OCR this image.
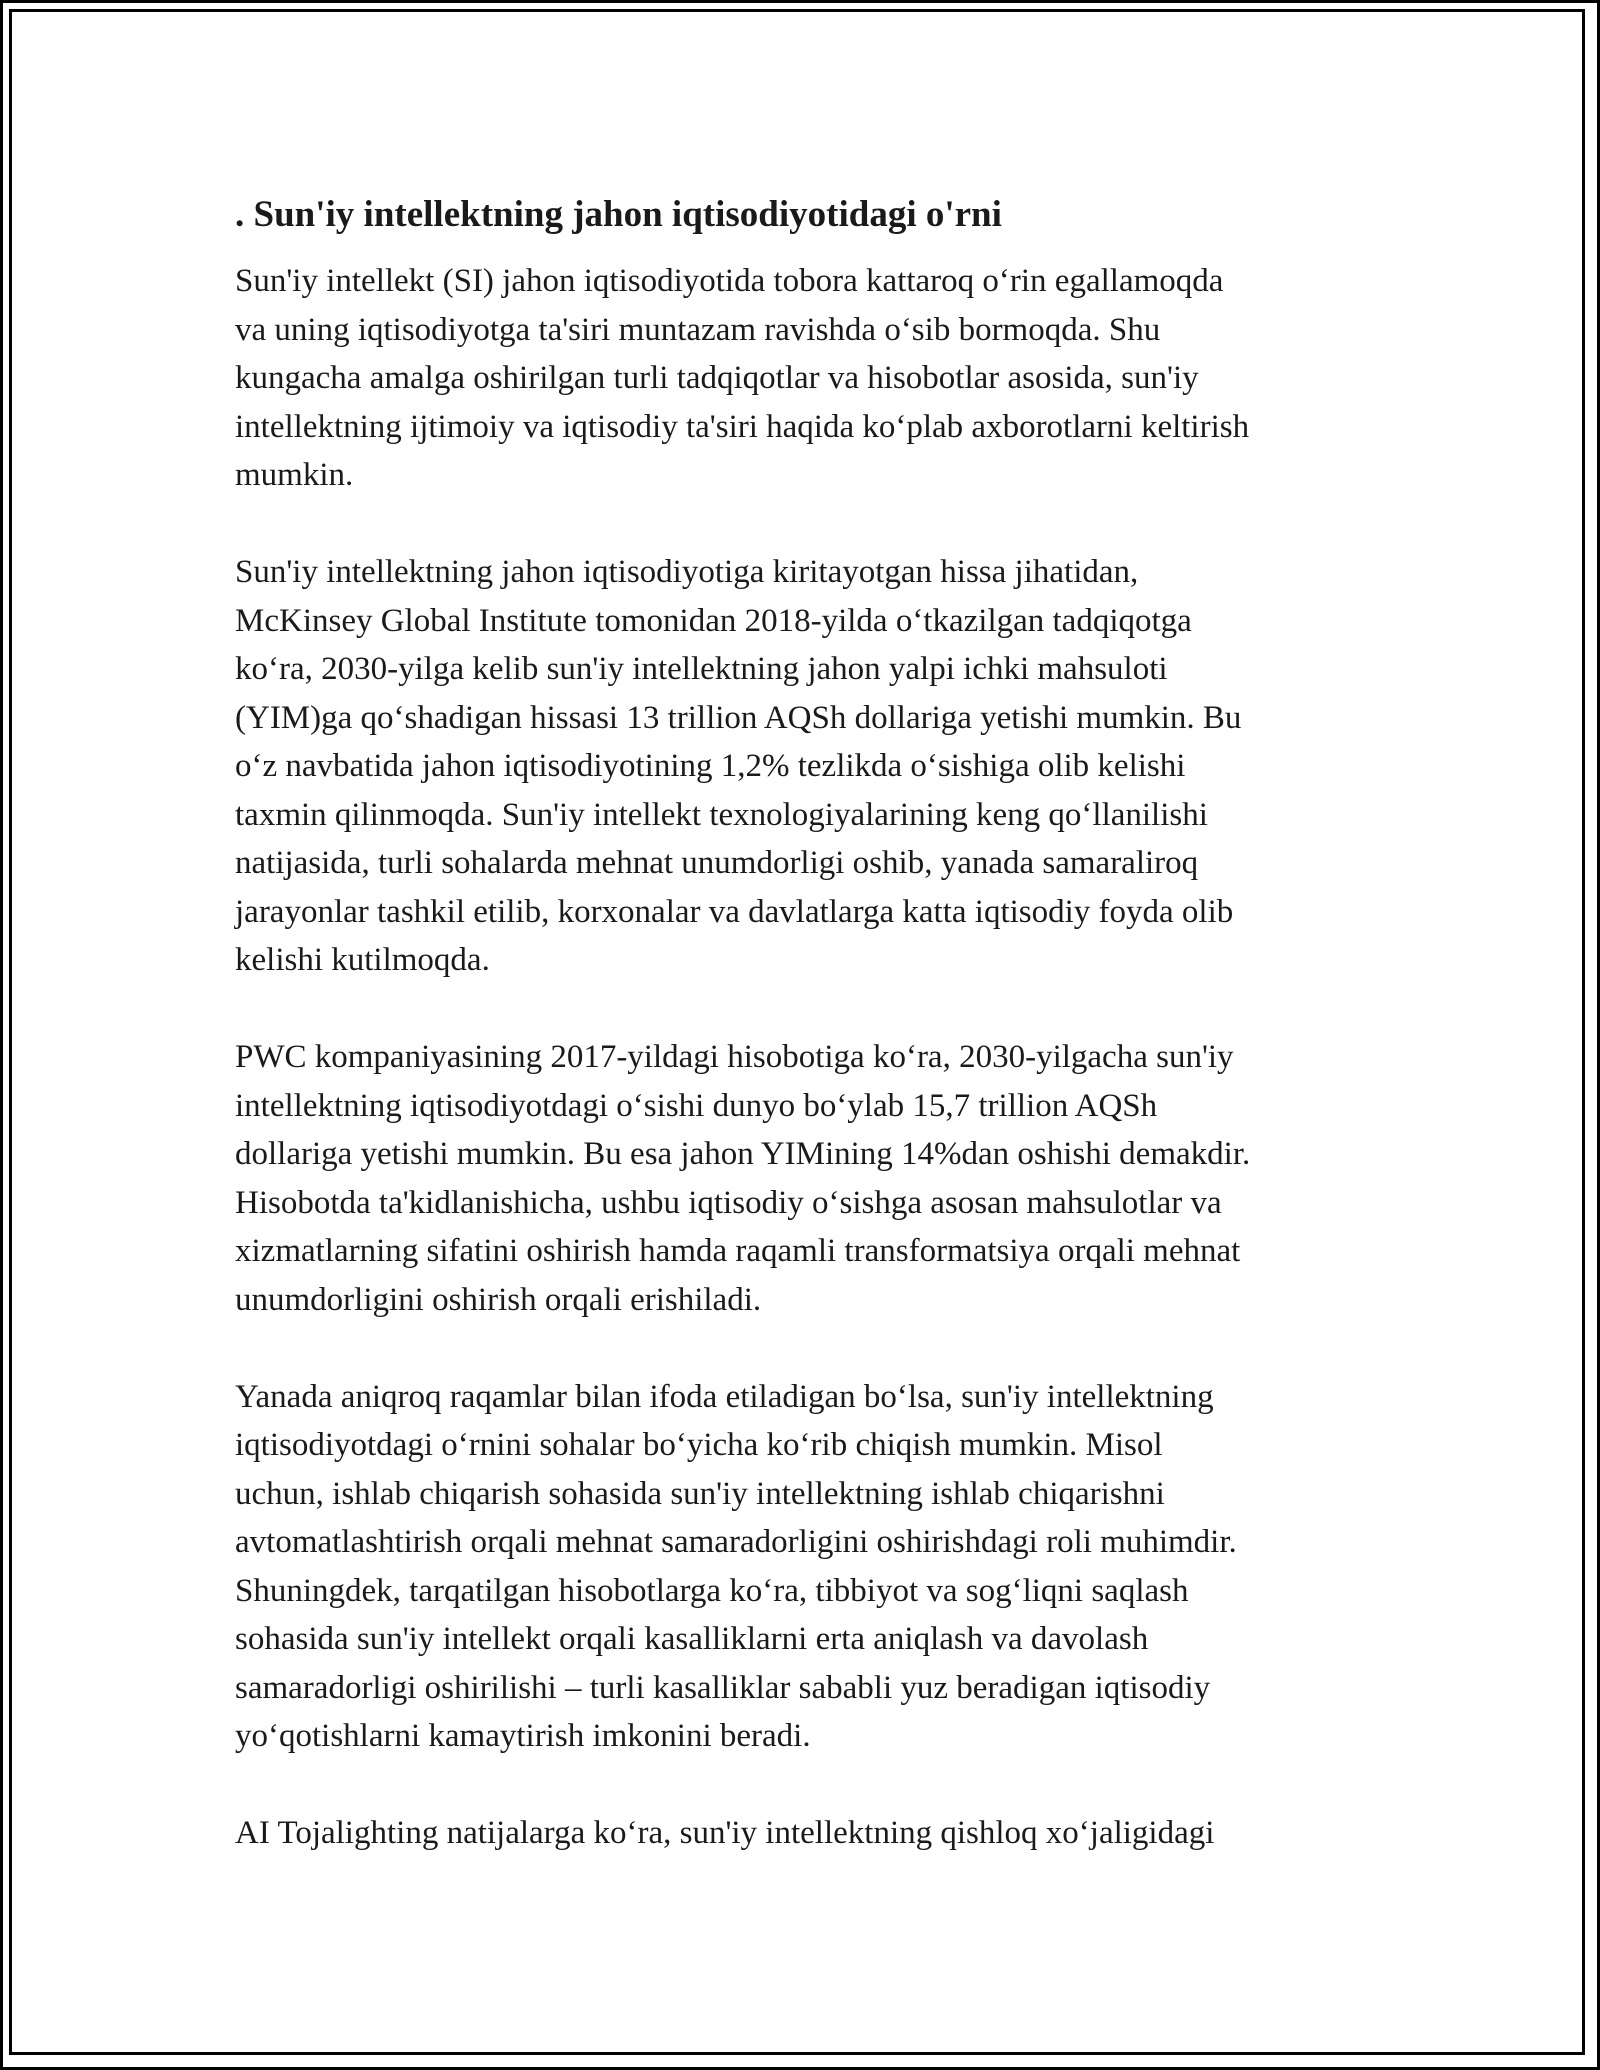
. Sun'iy intellektning jahon iqtisodiyotidagi o'rni
Sun'iy intellekt (SI) jahon iqtisodiyotida tobora kattaroq o‘rin egallamoqda
va uning iqtisodiyotga ta'siri muntazam ravishda o‘sib bormoqda. Shu
kungacha amalga oshirilgan turli tadqiqotlar va hisobotlar asosida, sun'iy
intellektning ijtimoiy va iqtisodiy ta'siri haqida ko‘plab axborotlarni keltirish
mumkin.
Sun'iy intellektning jahon iqtisodiyotiga kiritayotgan hissa jihatidan,
McKinsey Global Institute tomonidan 2018-yilda o‘tkazilgan tadqiqotga
ko‘ra, 2030-yilga kelib sun'iy intellektning jahon yalpi ichki mahsuloti
(YIM)ga qo‘shadigan hissasi 13 trillion AQSh dollariga yetishi mumkin. Bu
o‘z navbatida jahon iqtisodiyotining 1,2% tezlikda o‘sishiga olib kelishi
taxmin qilinmoqda. Sun'iy intellekt texnologiyalarining keng qo‘llanilishi
natijasida, turli sohalarda mehnat unumdorligi oshib, yanada samaraliroq
jarayonlar tashkil etilib, korxonalar va davlatlarga katta iqtisodiy foyda olib
kelishi kutilmoqda.
PWC kompaniyasining 2017-yildagi hisobotiga ko‘ra, 2030-yilgacha sun'iy
intellektning iqtisodiyotdagi o‘sishi dunyo bo‘ylab 15,7 trillion AQSh
dollariga yetishi mumkin. Bu esa jahon YIMining 14%dan oshishi demakdir.
Hisobotda ta'kidlanishicha, ushbu iqtisodiy o‘sishga asosan mahsulotlar va
xizmatlarning sifatini oshirish hamda raqamli transformatsiya orqali mehnat
unumdorligini oshirish orqali erishiladi.
Yanada aniqroq raqamlar bilan ifoda etiladigan bo‘lsa, sun'iy intellektning
iqtisodiyotdagi o‘rnini sohalar bo‘yicha ko‘rib chiqish mumkin. Misol
uchun, ishlab chiqarish sohasida sun'iy intellektning ishlab chiqarishni
avtomatlashtirish orqali mehnat samaradorligini oshirishdagi roli muhimdir.
Shuningdek, tarqatilgan hisobotlarga ko‘ra, tibbiyot va sog‘liqni saqlash
sohasida sun'iy intellekt orqali kasalliklarni erta aniqlash va davolash
samaradorligi oshirilishi – turli kasalliklar sababli yuz beradigan iqtisodiy
yo‘qotishlarni kamaytirish imkonini beradi.
AI Tojalighting natijalarga ko‘ra, sun'iy intellektning qishloq xo‘jaligidagi
